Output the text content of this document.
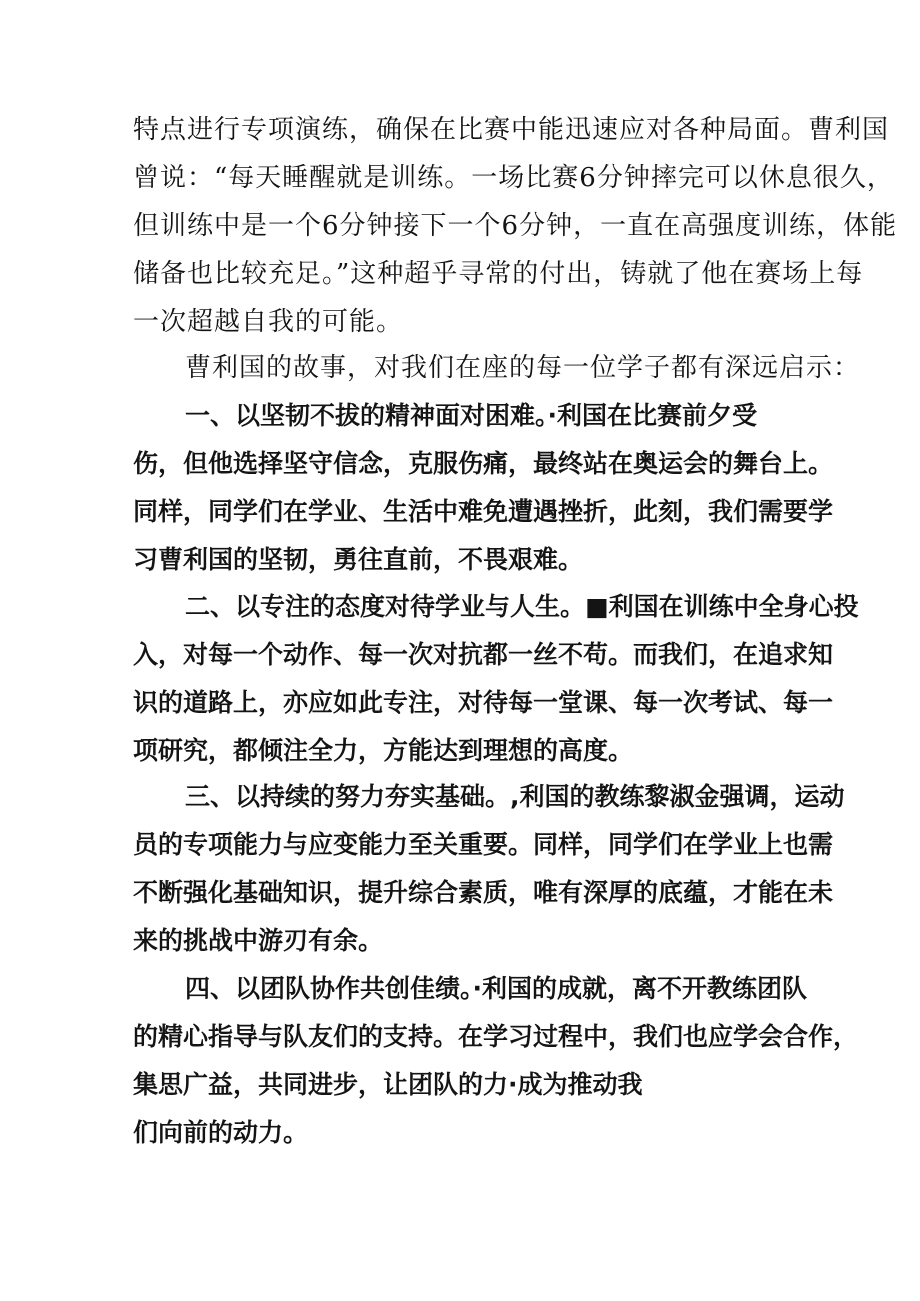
特点进行专项演练，确保在比赛中能迅速应对各种局面。曹利国
曾说：“每天睡醒就是训练。一场比赛6分钟摔完可以休息很久，
但训练中是一个6分钟接下一个6分钟，一直在高强度训练，体能
储备也比较充足。”这种超乎寻常的付出，铸就了他在赛场上每
一次超越自我的可能。
曹利国的故事，对我们在座的每一位学子都有深远启示：
一、以坚韧不拔的精神面对困难。·利国在比赛前夕受
伤，但他选择坚守信念，克服伤痛，最终站在奥运会的舞台上。
同样，同学们在学业、生活中难免遭遇挫折，此刻，我们需要学
习曹利国的坚韧，勇往直前，不畏艰难。
二、以专注的态度对待学业与人生。■利国在训练中全身心投
入，对每一个动作、每一次对抗都一丝不苟。而我们，在追求知
识的道路上，亦应如此专注，对待每一堂课、每一次考试、每一
项研究，都倾注全力，方能达到理想的高度。
三、以持续的努力夯实基础。,利国的教练黎淑金强调，运动
员的专项能力与应变能力至关重要。同样，同学们在学业上也需
不断强化基础知识，提升综合素质，唯有深厚的底蕴，才能在未
来的挑战中游刃有余。
四、以团队协作共创佳绩。·利国的成就，离不开教练团队
的精心指导与队友们的支持。在学习过程中，我们也应学会合作，
集思广益，共同进步，让团队的力·成为推动我
们向前的动力。
